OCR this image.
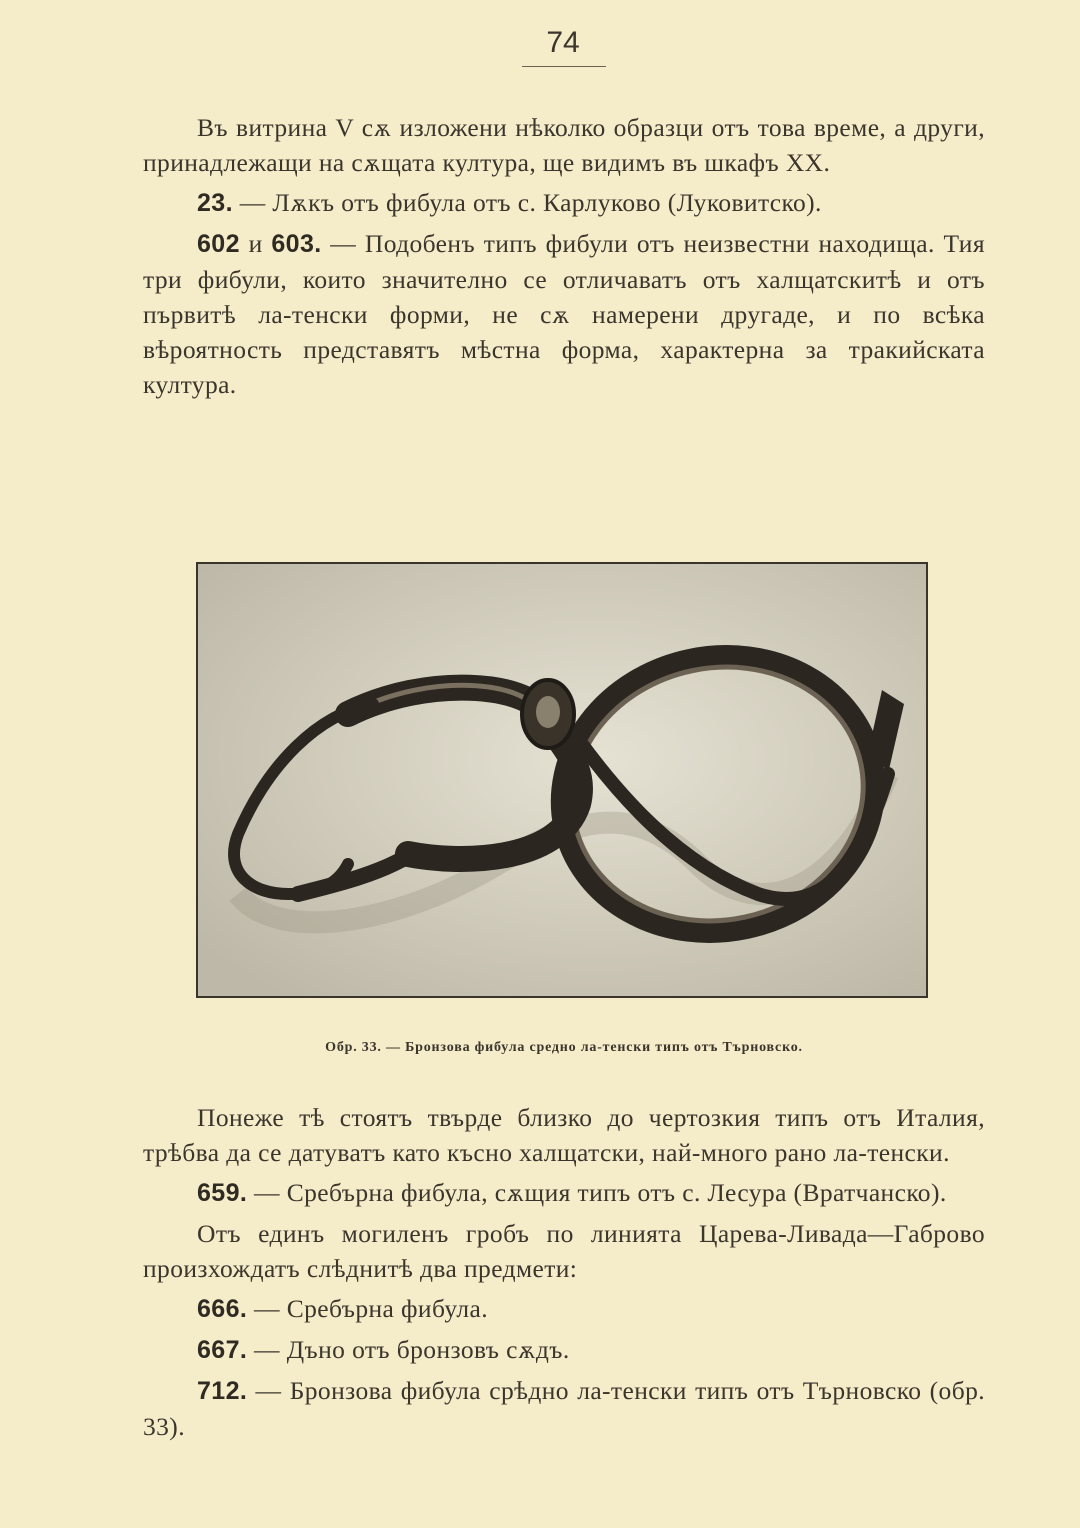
74

Въ витрина V сѫ изложени нѣколко образци отъ това време, а други, принадлежащи на сѫщата култура, ще видимъ въ шкафъ XX.

23. — Лѫкъ отъ фибула отъ с. Карлуково (Луковитско).

602 и 603. — Подобенъ типъ фибули отъ неизвестни находища. Тия три фибули, които значително се отличаватъ отъ халщатскитѣ и отъ първитѣ ла-тенски форми, не сѫ намерени другаде, и по всѣка вѣроятность представятъ мѣстна форма, характерна за тракийската култура.

Обр. 33. — Бронзова фибула средно ла-тенски типъ отъ Търновско.

Понеже тѣ стоятъ твърде близко до чертозкия типъ отъ Италия, трѣбва да се датуватъ като късно халщатски, най-много рано ла-тенски.

659. — Сребърна фибула, сѫщия типъ отъ с. Лесура (Вратчанско).

Отъ единъ могиленъ гробъ по линията Царева-Ливада—Габрово произхождатъ слѣднитѣ два предмети:

666. — Сребърна фибула.

667. — Дъно отъ бронзовъ сѫдъ.

712. — Бронзова фибула срѣдно ла-тенски типъ отъ Търновско (обр. 33).
